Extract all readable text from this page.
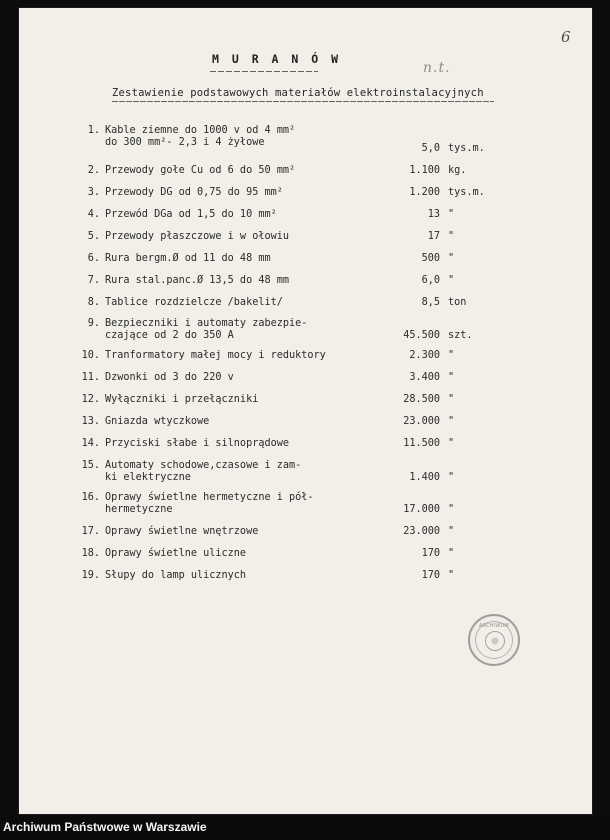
6
n.t.
M U R A N Ó W
Zestawienie podstawowych materiałów elektroinstalacyjnych
1. Kable ziemne do 1000 v od 4 mm²
do 300 mm²- 2,3 i 4 żyłowe
5,0 tys.m.
2. Przewody gołe Cu od 6 do 50 mm²	1.100 kg.
3. Przewody DG od 0,75 do 95 mm²	1.200 tys.m.
4. Przewód DGa od 1,5 do 10 mm²	13 "
5. Przewody płaszczowe i w ołowiu	17 "
6. Rura bergm.Ø od 11 do 48 mm	500 "
7. Rura stal.panc.Ø 13,5 do 48 mm	6,0 "
8. Tablice rozdzielcze /bakelit/	8,5 ton
9. Bezpieczniki i automaty zabezpie-
czające od 2 do 350 A	45.500 szt.
10. Tranformatory małej mocy i reduktory	2.300 "
11. Dzwonki od 3 do 220 v	3.400 "
12. Wyłączniki i przełączniki	28.500 "
13. Gniazda wtyczkowe	23.000 "
14. Przyciski słabe i silnoprądowe	11.500 "
15. Automaty schodowe,czasowe i zam-
ki elektryczne	1.400 "
16. Oprawy świetlne hermetyczne i pół-
hermetyczne	17.000 "
17. Oprawy świetlne wnętrzowe	23.000 "
18. Oprawy świetlne uliczne	170 "
19. Słupy do lamp ulicznych	170 "
ARCHIWUM
Archiwum Państwowe w Warszawie
